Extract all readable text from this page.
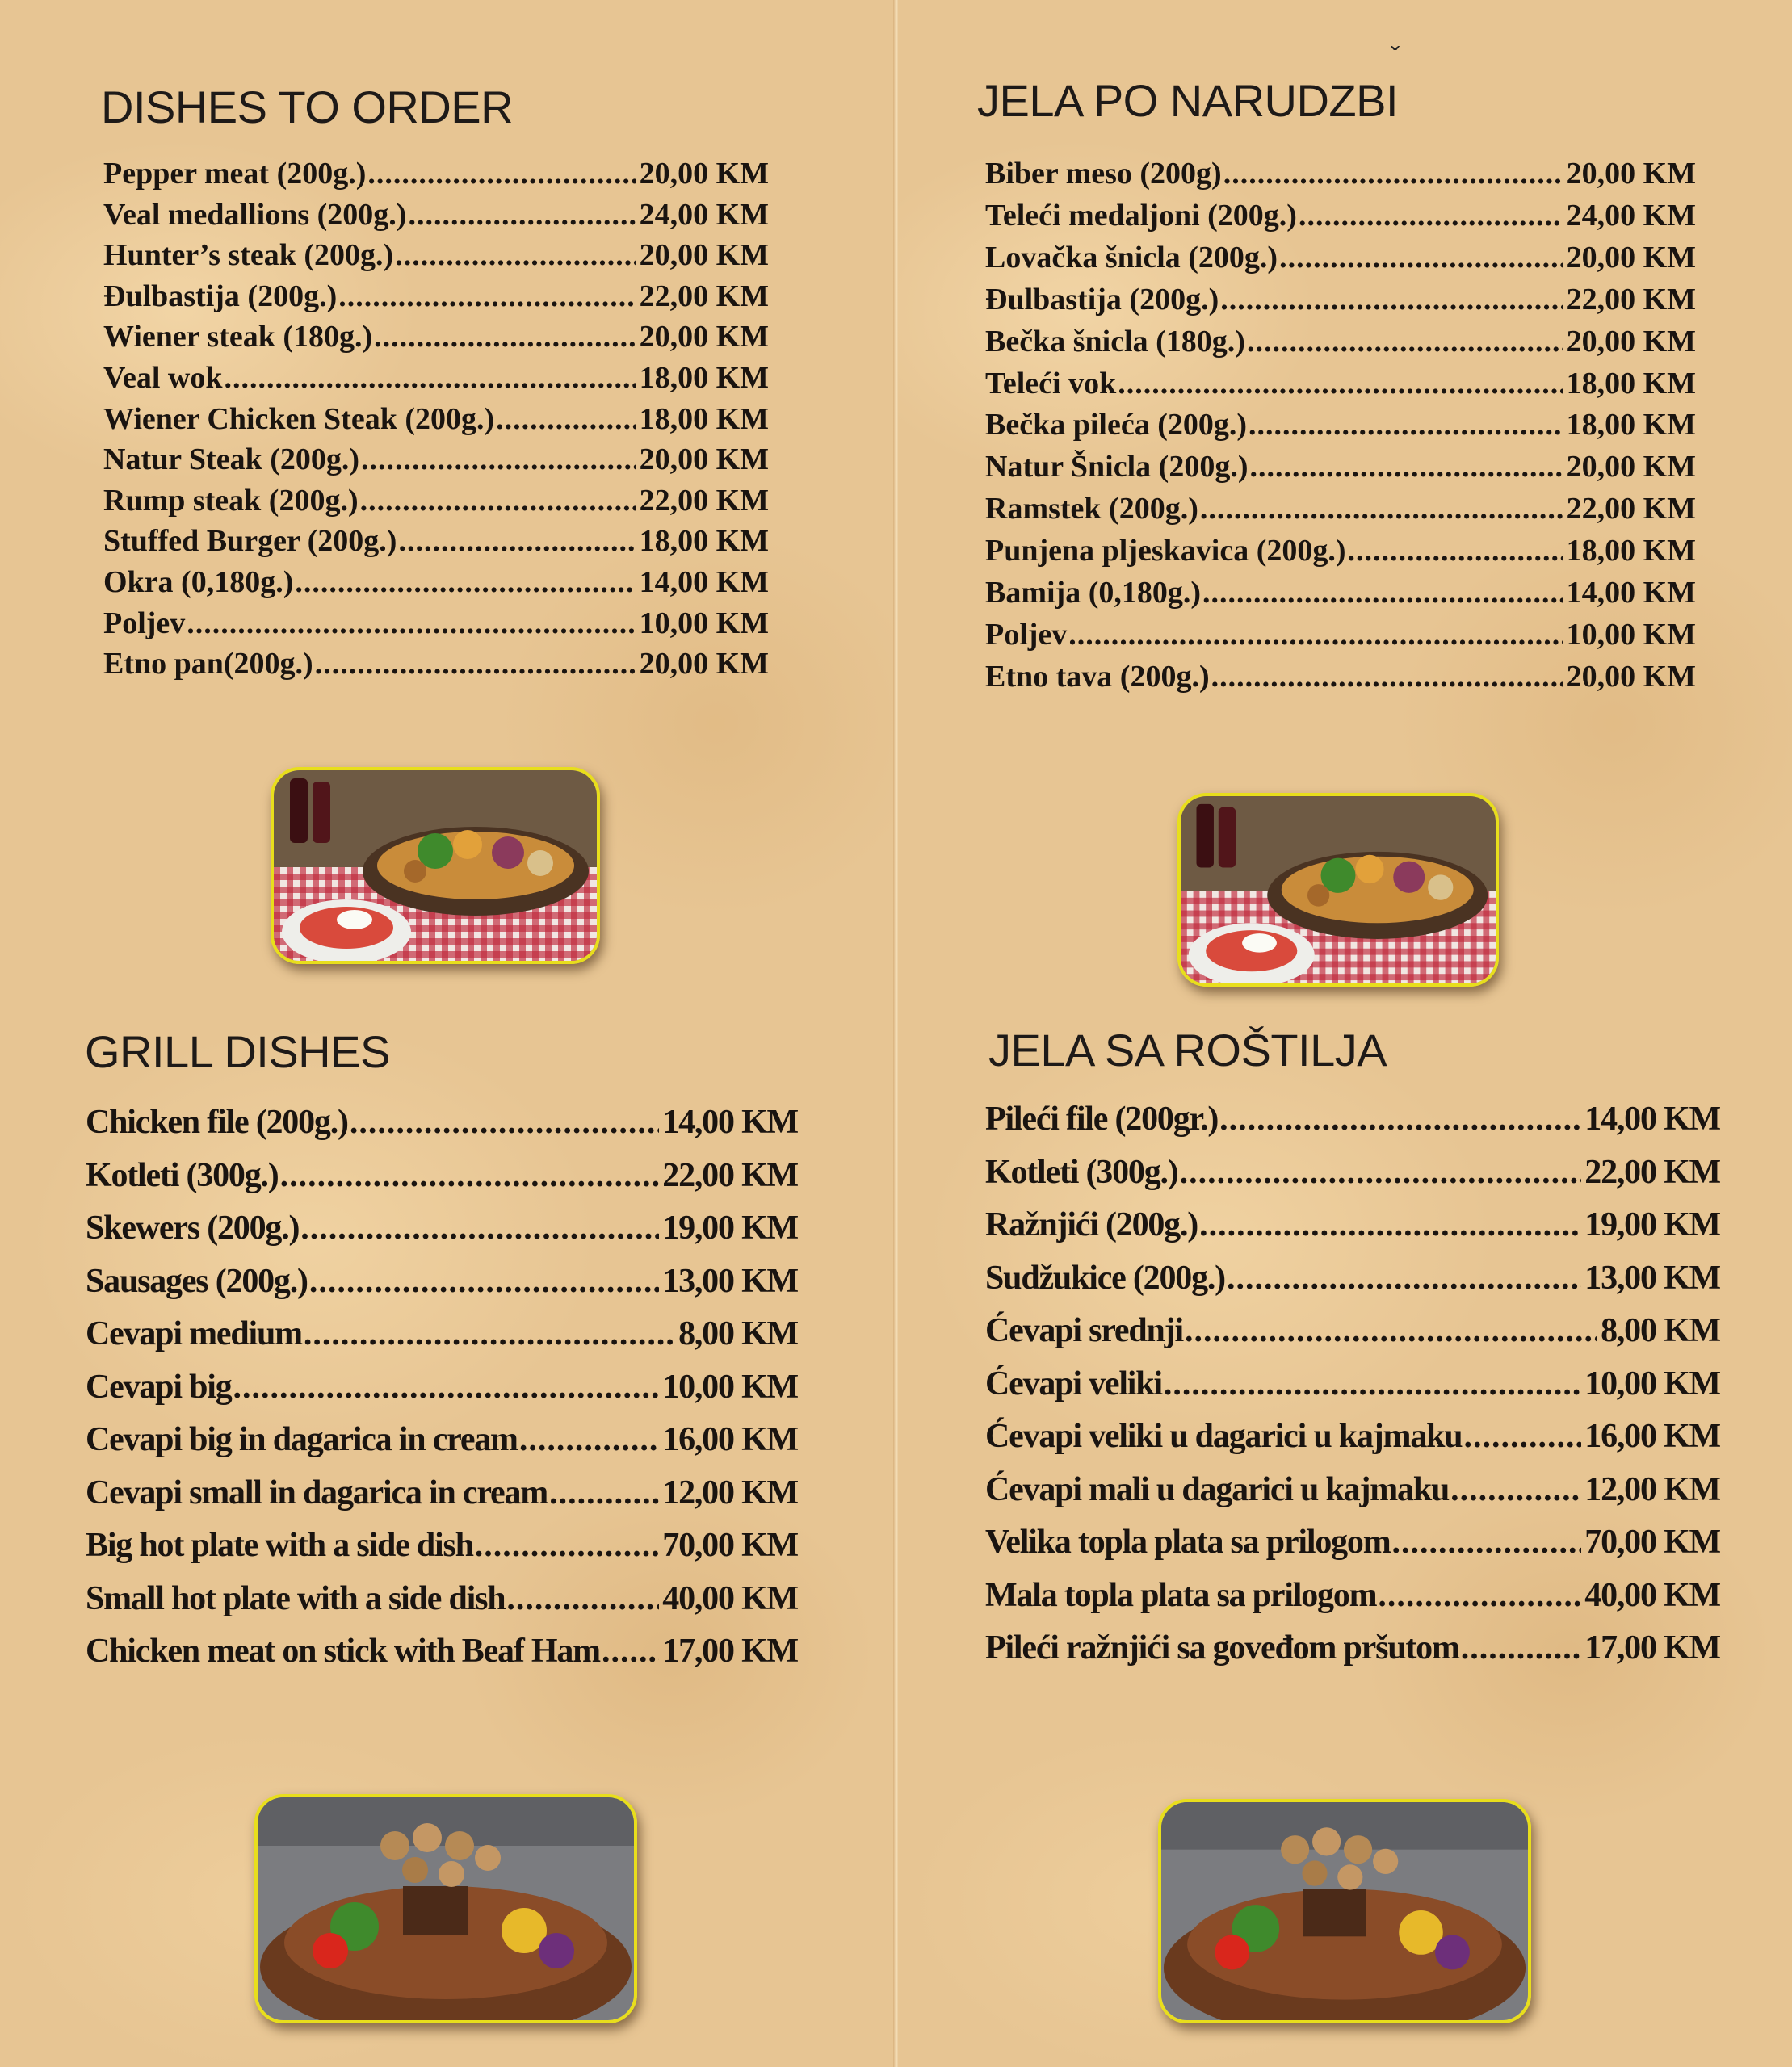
DISHES TO ORDER
Pepper meat (200g.) .....	20,00 KM
Veal medallions (200g.) .....	24,00 KM
Hunter’s steak (200g.) .....	20,00 KM
Đulbastija (200g.) .....	22,00 KM
Wiener steak (180g.) .....	20,00 KM
Veal wok .....	18,00 KM
Wiener Chicken Steak (200g.) .....	18,00 KM
Natur Steak (200g.) .....	20,00 KM
Rump steak (200g.) .....	22,00 KM
Stuffed Burger (200g.) .....	18,00 KM
Okra (0,180g.) .....	14,00 KM
Poljev .....	10,00 KM
Etno pan(200g.) .....	20,00 KM
GRILL DISHES
Chicken file (200g.) .....	14,00 KM
Kotleti (300g.) .....	22,00 KM
Skewers (200g.) .....	19,00 KM
Sausages (200g.) .....	13,00 KM
Cevapi medium .....	8,00 KM
Cevapi big .....	10,00 KM
Cevapi big in dagarica in cream .....	16,00 KM
Cevapi small in dagarica in cream .....	12,00 KM
Big hot plate with a side dish .....	70,00 KM
Small hot plate with a side dish .....	40,00 KM
Chicken meat on stick with Beaf Ham ..... 17,00 KM
ˇ
JELA PO NARUDZBI
Biber meso (200g) .....	20,00 KM
Teleći medaljoni (200g.) .....	24,00 KM
Lovačka šnicla (200g.) .....	20,00 KM
Đulbastija (200g.) .....	22,00 KM
Bečka šnicla (180g.) .....	20,00 KM
Teleći vok .....	18,00 KM
Bečka pileća (200g.) .....	18,00 KM
Natur Šnicla (200g.) .....	20,00 KM
Ramstek (200g.) .....	22,00 KM
Punjena pljeskavica (200g.) .....	18,00 KM
Bamija (0,180g.) .....	14,00 KM
Poljev .....	10,00 KM
Etno tava (200g.) .....	20,00 KM
JELA SA ROŠTILJA
Pileći file (200gr.) .....	14,00 KM
Kotleti (300g.) .....	22,00 KM
Ražnjići (200g.) .....	19,00 KM
Sudžukice (200g.) .....	13,00 KM
Ćevapi srednji .....	8,00 KM
Ćevapi veliki .....	10,00 KM
Ćevapi veliki u dagarici u kajmaku .....	16,00 KM
Ćevapi mali u dagarici u kajmaku .....	12,00 KM
Velika topla plata sa prilogom .....	70,00 KM
Mala topla plata sa prilogom .....	40,00 KM
Pileći ražnjići sa goveđom pršutom .....	17,00 KM
